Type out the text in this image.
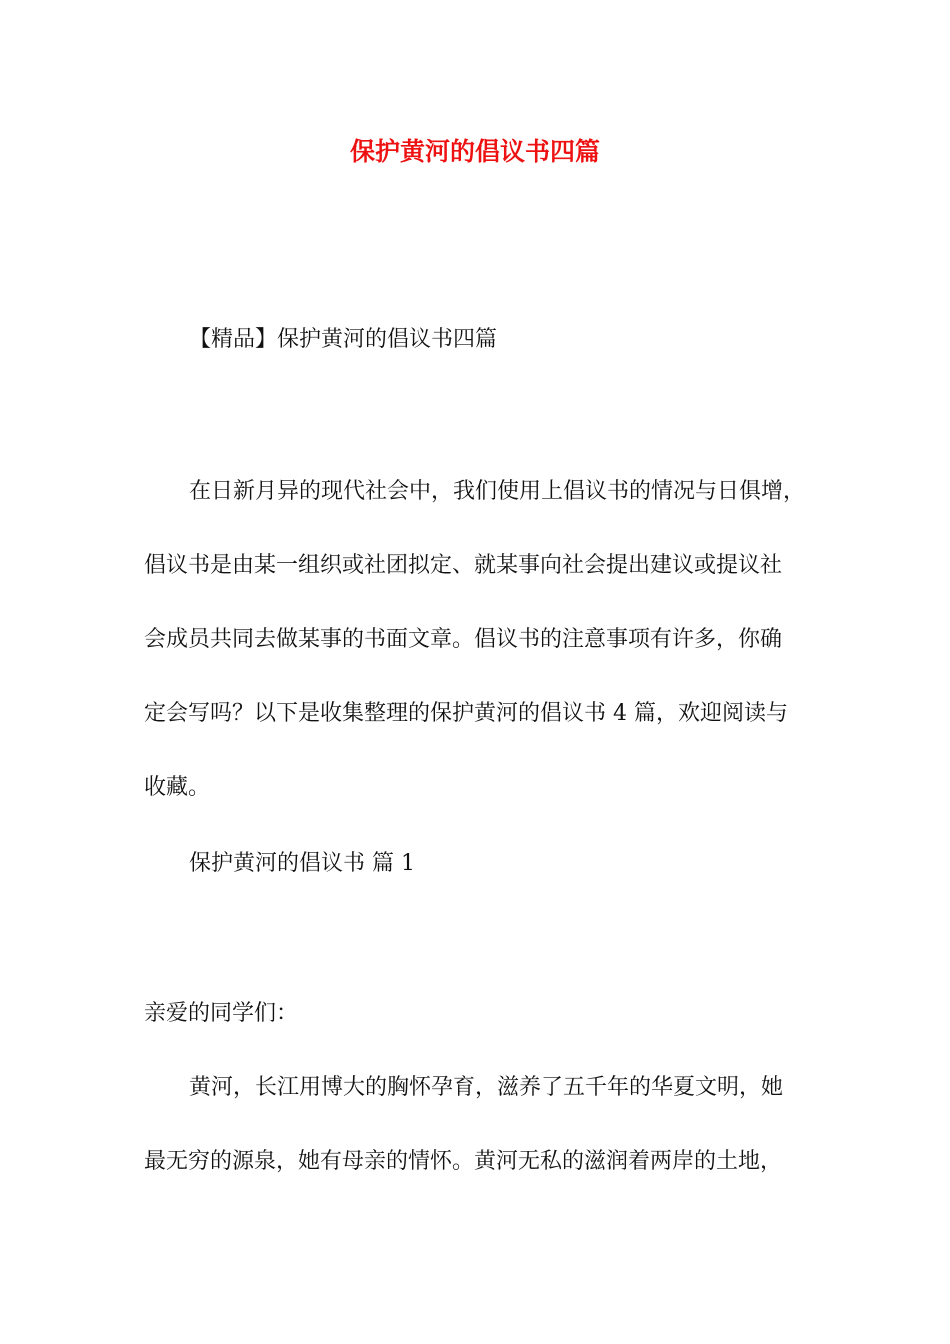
保护黄河的倡议书四篇
【精品】保护黄河的倡议书四篇
在日新月异的现代社会中，我们使用上倡议书的情况与日俱增，
倡议书是由某一组织或社团拟定、就某事向社会提出建议或提议社
会成员共同去做某事的书面文章。倡议书的注意事项有许多，你确
定会写吗？以下是收集整理的保护黄河的倡议书 4 篇，欢迎阅读与
收藏。
保护黄河的倡议书 篇 1
亲爱的同学们：
黄河，长江用博大的胸怀孕育，滋养了五千年的华夏文明，她
最无穷的源泉，她有母亲的情怀。黄河无私的滋润着两岸的土地，
